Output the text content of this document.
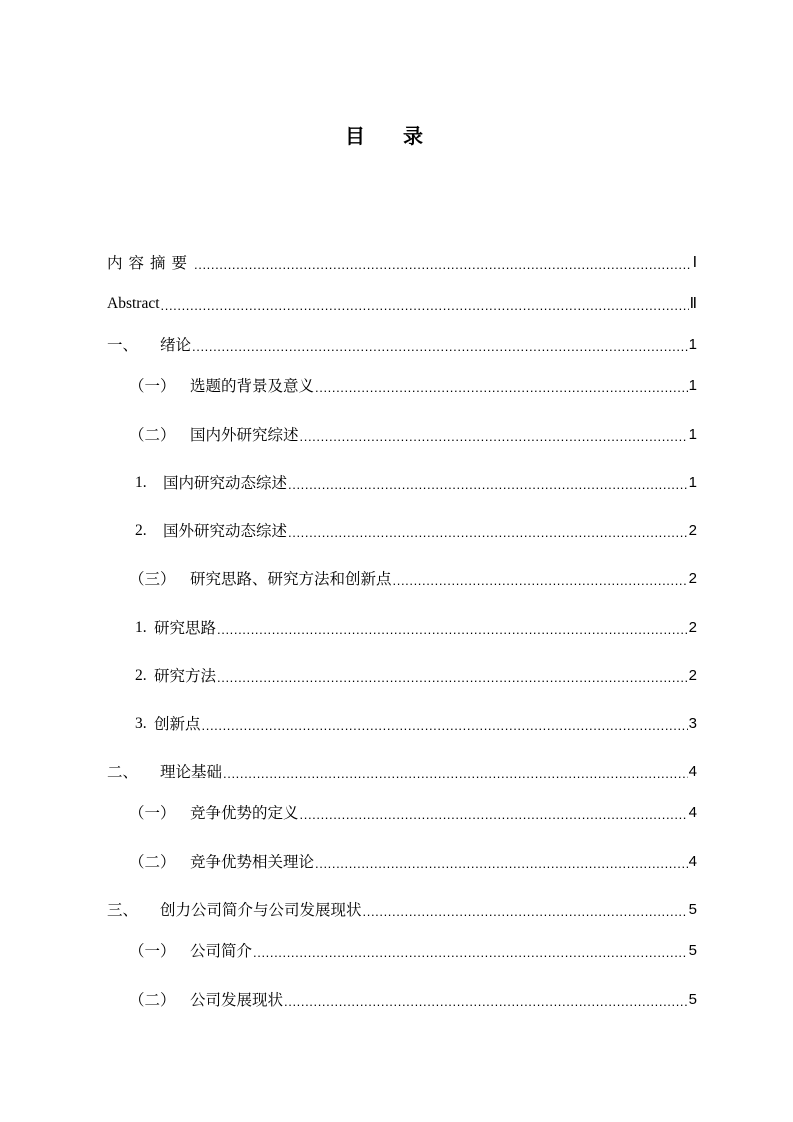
目录
内容摘要 .....	Ⅰ
Abstract .....	Ⅱ
一、	绪论 .....	1
（一） 选题的背景及意义 .....	1
（二） 国内外研究综述 .....	1
1.	国内研究动态综述 .....	1
2.	国外研究动态综述 .....	2
（三） 研究思路、研究方法和创新点 .....	2
1. 研究思路 .....	2
2. 研究方法 .....	2
3. 创新点 .....	3
二、	理论基础 .....	4
（一） 竞争优势的定义 .....	4
（二） 竞争优势相关理论 .....	4
三、	创力公司简介与公司发展现状 .....	5
（一） 公司简介 .....	5
（二） 公司发展现状 .....	5
